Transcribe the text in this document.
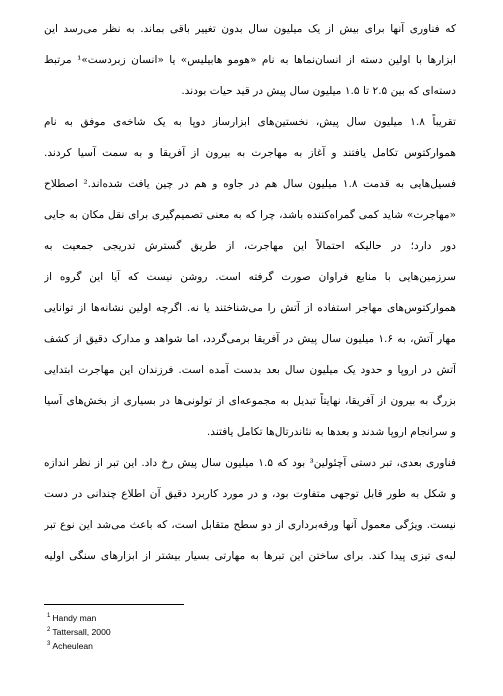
که فناوری آنها برای بیش از یک میلیون سال بدون تغییر باقی بماند. به نظر می‌رسد این
ابزارها با اولین دسته از انسان‌نماها به نام «هومو هابیلیس» یا «انسان زبردست»¹ مرتبط
دسته‌ای که بین ۲.۵ تا ۱.۵ میلیون سال پیش در قید حیات بودند.
تقریباً ۱.۸ میلیون سال پیش، نخستین‌های ابزارساز دوپا به یک شاخه‌ی موفق به نام
هموارکتوس تکامل یافتند و آغاز به مهاجرت به بیرون از آفریقا و به سمت آسیا کردند.
فسیل‌هایی به قدمت ۱.۸ میلیون سال هم در جاوه و هم در چین یافت شده‌اند.² اصطلاح
«مهاجرت» شاید کمی گمراه‌کننده باشد، چرا که به معنی تصمیم‌گیری برای نقل مکان به جایی
دور دارد؛ در حالیکه احتمالاً این مهاجرت، از طریق گسترش تدریجی جمعیت به
سرزمین‌هایی با منابع فراوان صورت گرفته است. روشن نیست که آیا این گروه از
هموارکتوس‌های مهاجر استفاده از آتش را می‌شناختند یا نه. اگرچه اولین نشانه‌ها از توانایی
مهار آتش، به ۱.۶ میلیون سال پیش در آفریقا برمی‌گردد، اما شواهد و مدارک دقیق از کشف
آتش در اروپا و حدود یک میلیون سال بعد بدست آمده است. فرزندان این مهاجرت ابتدایی
بزرگ به بیرون از آفریقا، نهایتاً تبدیل به مجموعه‌ای از تولونی‌ها در بسیاری از بخش‌های آسیا
و سرانجام اروپا شدند و بعدها به نئاندرتال‌ها تکامل یافتند.
فناوری بعدی، تبر دستی آچئولین³ بود که ۱.۵ میلیون سال پیش رخ داد. این تبر از نظر اندازه
و شکل به طور قابل توجهی متفاوت بود، و در مورد کاربرد دقیق آن اطلاع چندانی در دست
نیست. ویژگی معمول آنها ورقه‌برداری از دو سطح متقابل است، که باعث می‌شد این نوع تبر
لبه‌ی تیزی پیدا کند. برای ساختن این تبرها به مهارتی بسیار بیشتر از ابزارهای سنگی اولیه
$^1$ Handy man
$^2$ Tattersall, 2000
$^3$ Acheulean
